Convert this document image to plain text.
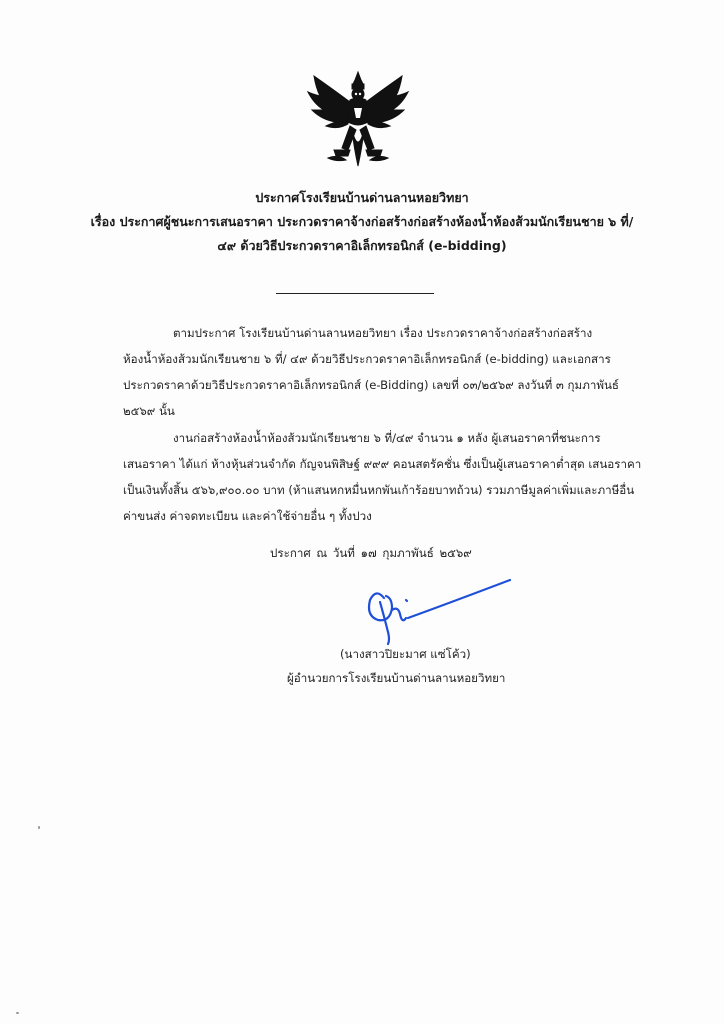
ประกาศโรงเรียนบ้านด่านลานหอยวิทยา
เรื่อง ประกาศผู้ชนะการเสนอราคา ประกวดราคาจ้างก่อสร้างก่อสร้างห้องน้ำห้องส้วมนักเรียนชาย ๖ ที่/
๔๙ ด้วยวิธีประกวดราคาอิเล็กทรอนิกส์ (e-bidding)
ตามประกาศ โรงเรียนบ้านด่านลานหอยวิทยา เรื่อง ประกวดราคาจ้างก่อสร้างก่อสร้าง
ห้องน้ำห้องส้วมนักเรียนชาย ๖ ที่/ ๔๙ ด้วยวิธีประกวดราคาอิเล็กทรอนิกส์ (e-bidding) และเอกสาร
ประกวดราคาด้วยวิธีประกวดราคาอิเล็กทรอนิกส์ (e-Bidding) เลขที่ ๐๓/๒๕๖๙ ลงวันที่ ๓ กุมภาพันธ์
๒๕๖๙ นั้น
งานก่อสร้างห้องน้ำห้องส้วมนักเรียนชาย ๖ ที่/๔๙ จำนวน ๑ หลัง ผู้เสนอราคาที่ชนะการ
เสนอราคา ได้แก่ ห้างหุ้นส่วนจำกัด กัญจนพิสิษฐ์ ๙๙๙ คอนสตรัคชั่น ซึ่งเป็นผู้เสนอราคาต่ำสุด เสนอราคา
เป็นเงินทั้งสิ้น ๕๖๖,๙๐๐.๐๐ บาท (ห้าแสนหกหมื่นหกพันเก้าร้อยบาทถ้วน) รวมภาษีมูลค่าเพิ่มและภาษีอื่น
ค่าขนส่ง ค่าจดทะเบียน และค่าใช้จ่ายอื่น ๆ ทั้งปวง
ประกาศ ณ วันที่ ๑๗ กุมภาพันธ์ ๒๕๖๙
(นางสาวปิยะมาศ แซ่โค้ว)
ผู้อำนวยการโรงเรียนบ้านด่านลานหอยวิทยา
